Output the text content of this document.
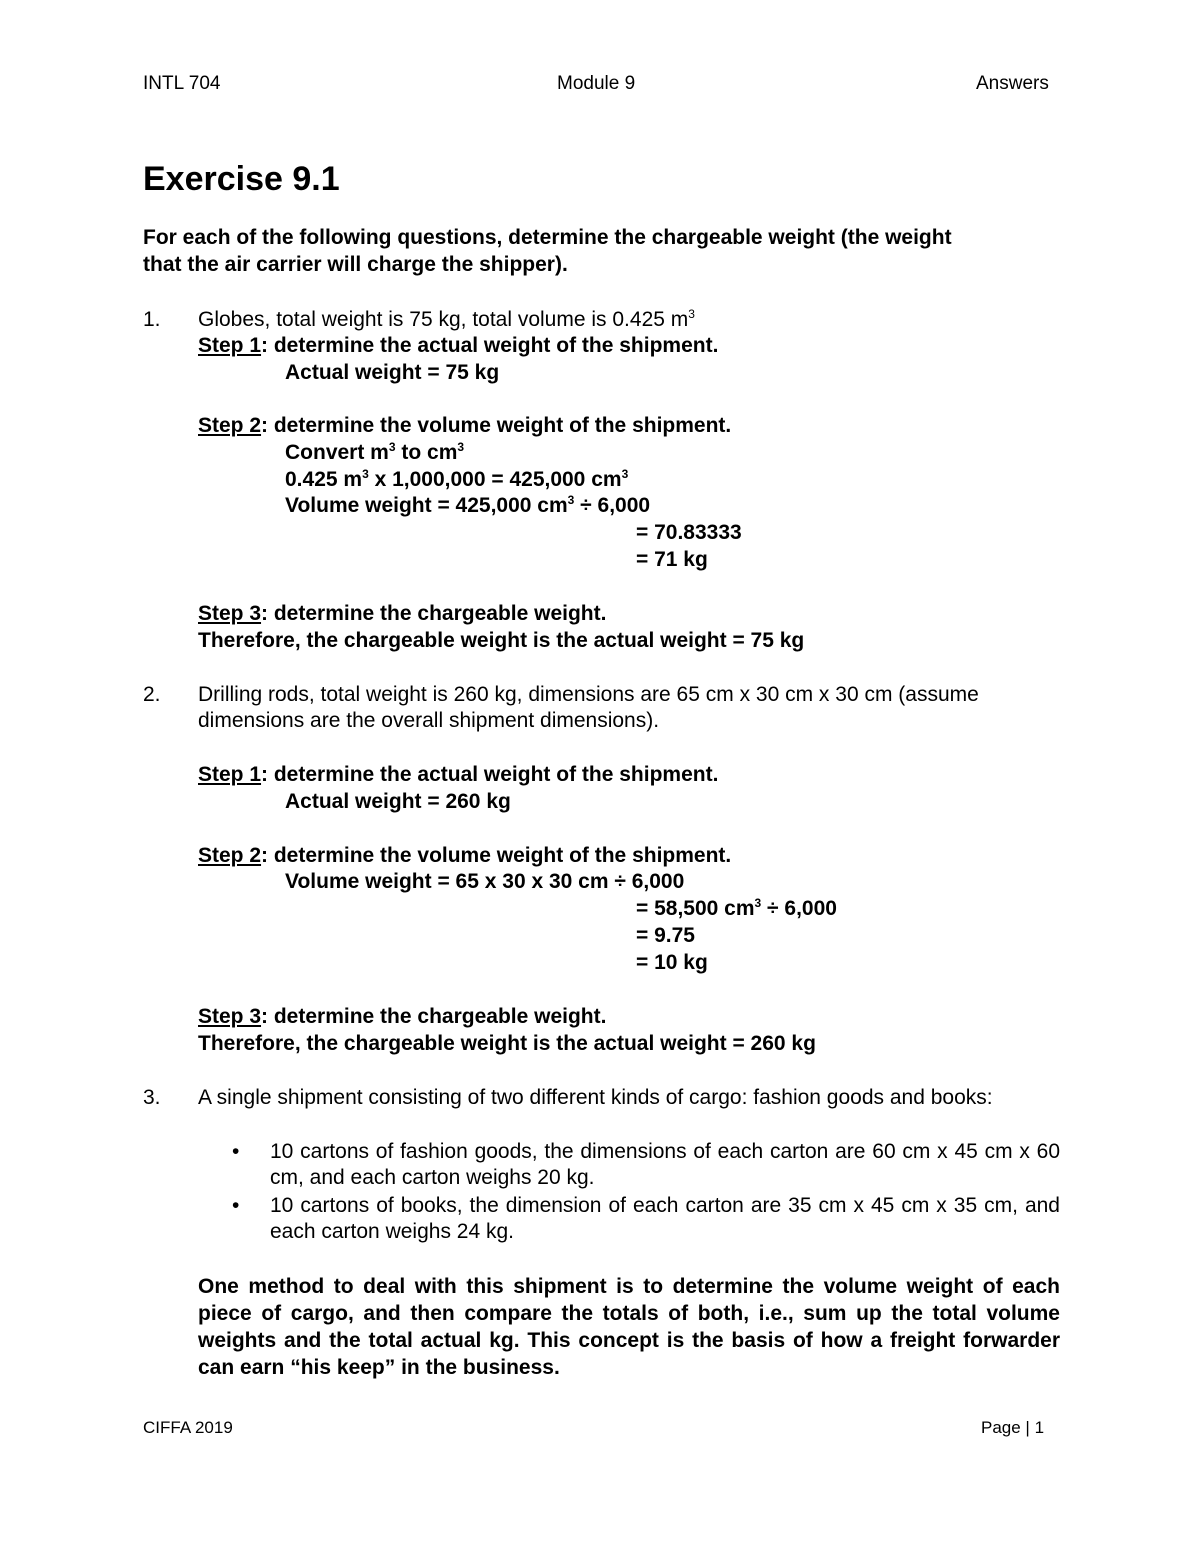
INTL 704	Module 9	Answers
Exercise 9.1
For each of the following questions, determine the chargeable weight (the weight
that the air carrier will charge the shipper).
1. Globes, total weight is 75 kg, total volume is 0.425 $m^3$
Step 1: determine the actual weight of the shipment.
Actual weight = 75 kg
Step 2: determine the volume weight of the shipment.
Convert $m^3$ to $cm^3$
0.425 $m^3$ x 1,000,000 = 425,000 $cm^3$
Volume weight = 425,000 $cm^3 \div 6,000$
= 70.83333
= 71 kg
Step 3: determine the chargeable weight.
Therefore, the chargeable weight is the actual weight = 75 kg
2. Drilling rods, total weight is 260 kg, dimensions are 65 cm x 30 cm x 30 cm (assume
dimensions are the overall shipment dimensions).
Step 1: determine the actual weight of the shipment.
Actual weight = 260 kg
Step 2: determine the volume weight of the shipment.
Volume weight = 65 x 30 x 30 cm ÷ 6,000
= 58,500 $cm^3 \div 6,000$
= 9.75
= 10 kg
Step 3: determine the chargeable weight.
Therefore, the chargeable weight is the actual weight = 260 kg
3. A single shipment consisting of two different kinds of cargo: fashion goods and books:
• 10 cartons of fashion goods, the dimensions of each carton are 60 cm x 45 cm x 60 cm, and each carton weighs 20 kg.
• 10 cartons of books, the dimension of each carton are 35 cm x 45 cm x 35 cm, and each carton weighs 24 kg.
One method to deal with this shipment is to determine the volume weight of each piece of cargo, and then compare the totals of both, i.e., sum up the total volume weights and the total actual kg. This concept is the basis of how a freight forwarder can earn “his keep” in the business.
CIFFA 2019	Page | 1
